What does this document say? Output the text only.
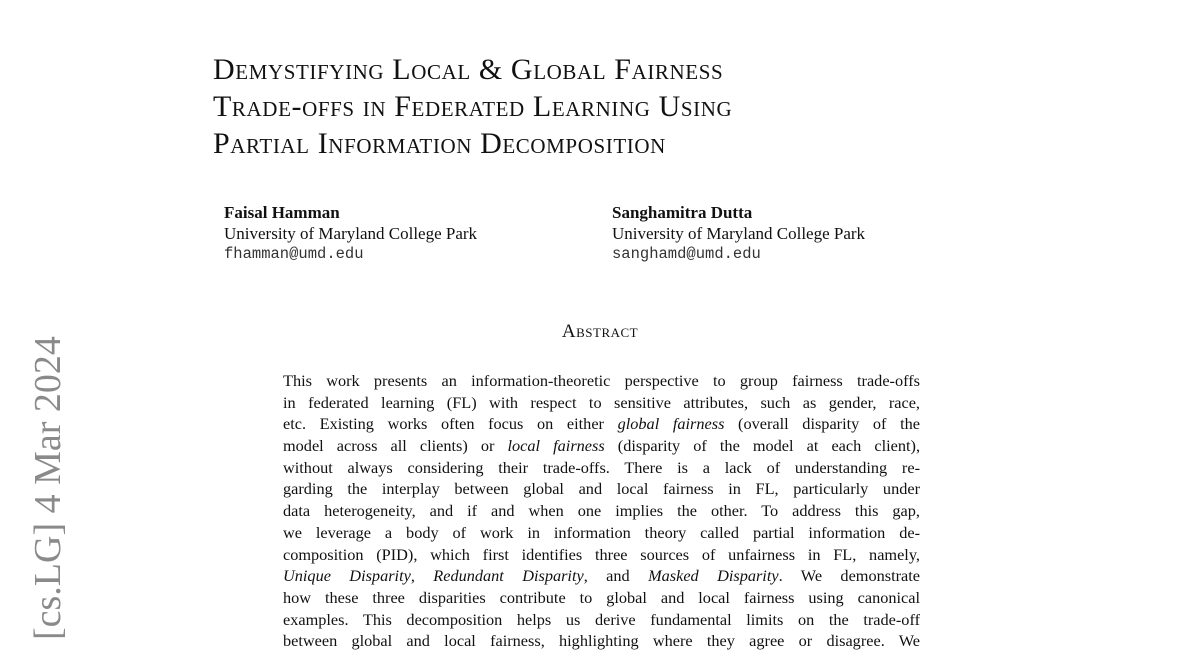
[cs.LG] 4 Mar 2024
Demystifying Local & Global Fairness
Trade-offs in Federated Learning Using
Partial Information Decomposition
Faisal Hamman
University of Maryland College Park
fhamman@umd.edu
Sanghamitra Dutta
University of Maryland College Park
sanghamd@umd.edu
Abstract
This work presents an information-theoretic perspective to group fairness trade-offs
in federated learning (FL) with respect to sensitive attributes, such as gender, race,
etc. Existing works often focus on either global fairness (overall disparity of the
model across all clients) or local fairness (disparity of the model at each client),
without always considering their trade-offs. There is a lack of understanding re-
garding the interplay between global and local fairness in FL, particularly under
data heterogeneity, and if and when one implies the other. To address this gap,
we leverage a body of work in information theory called partial information de-
composition (PID), which first identifies three sources of unfairness in FL, namely,
Unique Disparity, Redundant Disparity, and Masked Disparity. We demonstrate
how these three disparities contribute to global and local fairness using canonical
examples. This decomposition helps us derive fundamental limits on the trade-off
between global and local fairness, highlighting where they agree or disagree. We
